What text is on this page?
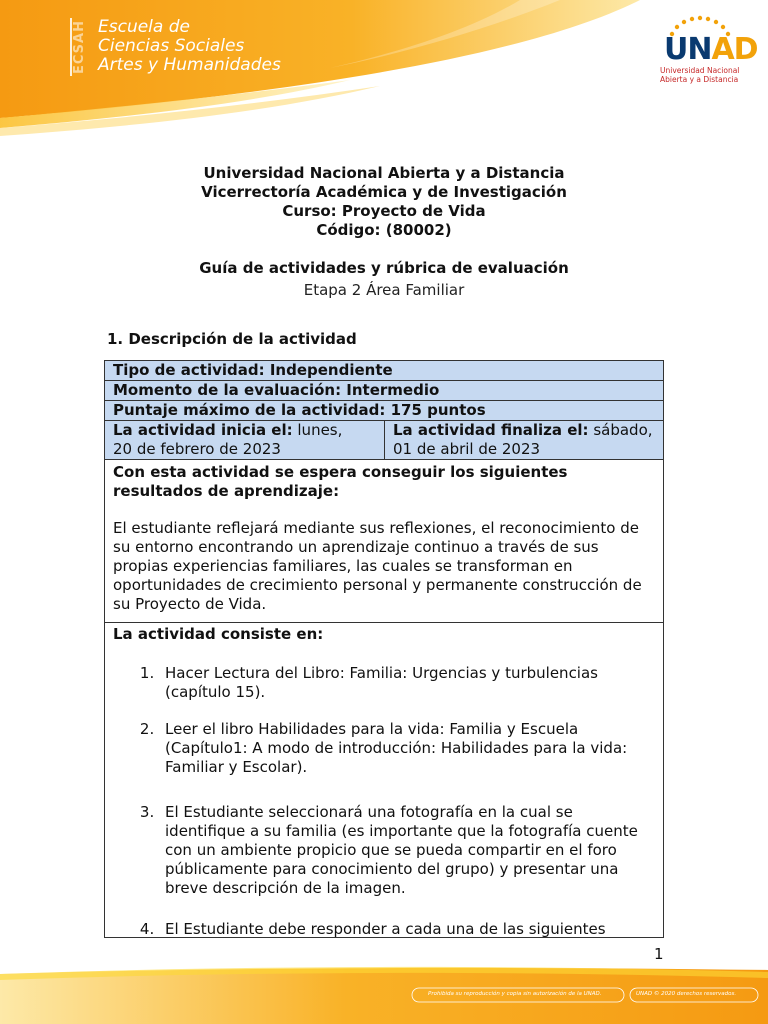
ECSAH Escuela de
Ciencias Sociales
Artes y Humanidades	UNAD
Universidad Nacional
Abierta y a Distancia
Universidad Nacional Abierta y a Distancia
Vicerrectoría Académica y de Investigación
Curso: Proyecto de Vida
Código: (80002)
Guía de actividades y rúbrica de evaluación
Etapa 2 Área Familiar
1. Descripción de la actividad
Tipo de actividad: Independiente
Momento de la evaluación: Intermedio
Puntaje máximo de la actividad: 175 puntos
La actividad inicia el: lunes,
20 de febrero de 2023
La actividad finaliza el: sábado,
01 de abril de 2023

Con esta actividad se espera conseguir los siguientes resultados de aprendizaje:

El estudiante reflejará mediante sus reflexiones, el reconocimiento de su entorno encontrando un aprendizaje continuo a través de sus propias experiencias familiares, las cuales se transforman en oportunidades de crecimiento personal y permanente construcción de su Proyecto de Vida.

La actividad consiste en:

1. Hacer Lectura del Libro: Familia: Urgencias y turbulencias (capítulo 15).
2. Leer el libro Habilidades para la vida: Familia y Escuela (Capítulo1: A modo de introducción: Habilidades para la vida: Familiar y Escolar).
3. El Estudiante seleccionará una fotografía en la cual se identifique a su familia (es importante que la fotografía cuente con un ambiente propicio que se pueda compartir en el foro públicamente para conocimiento del grupo) y presentar una breve descripción de la imagen.
4. El Estudiante debe responder a cada una de las siguientes
1
Prohibida su reproducción y copia sin autorización de la UNAD.	UNAD © 2020 derechos reservados.
